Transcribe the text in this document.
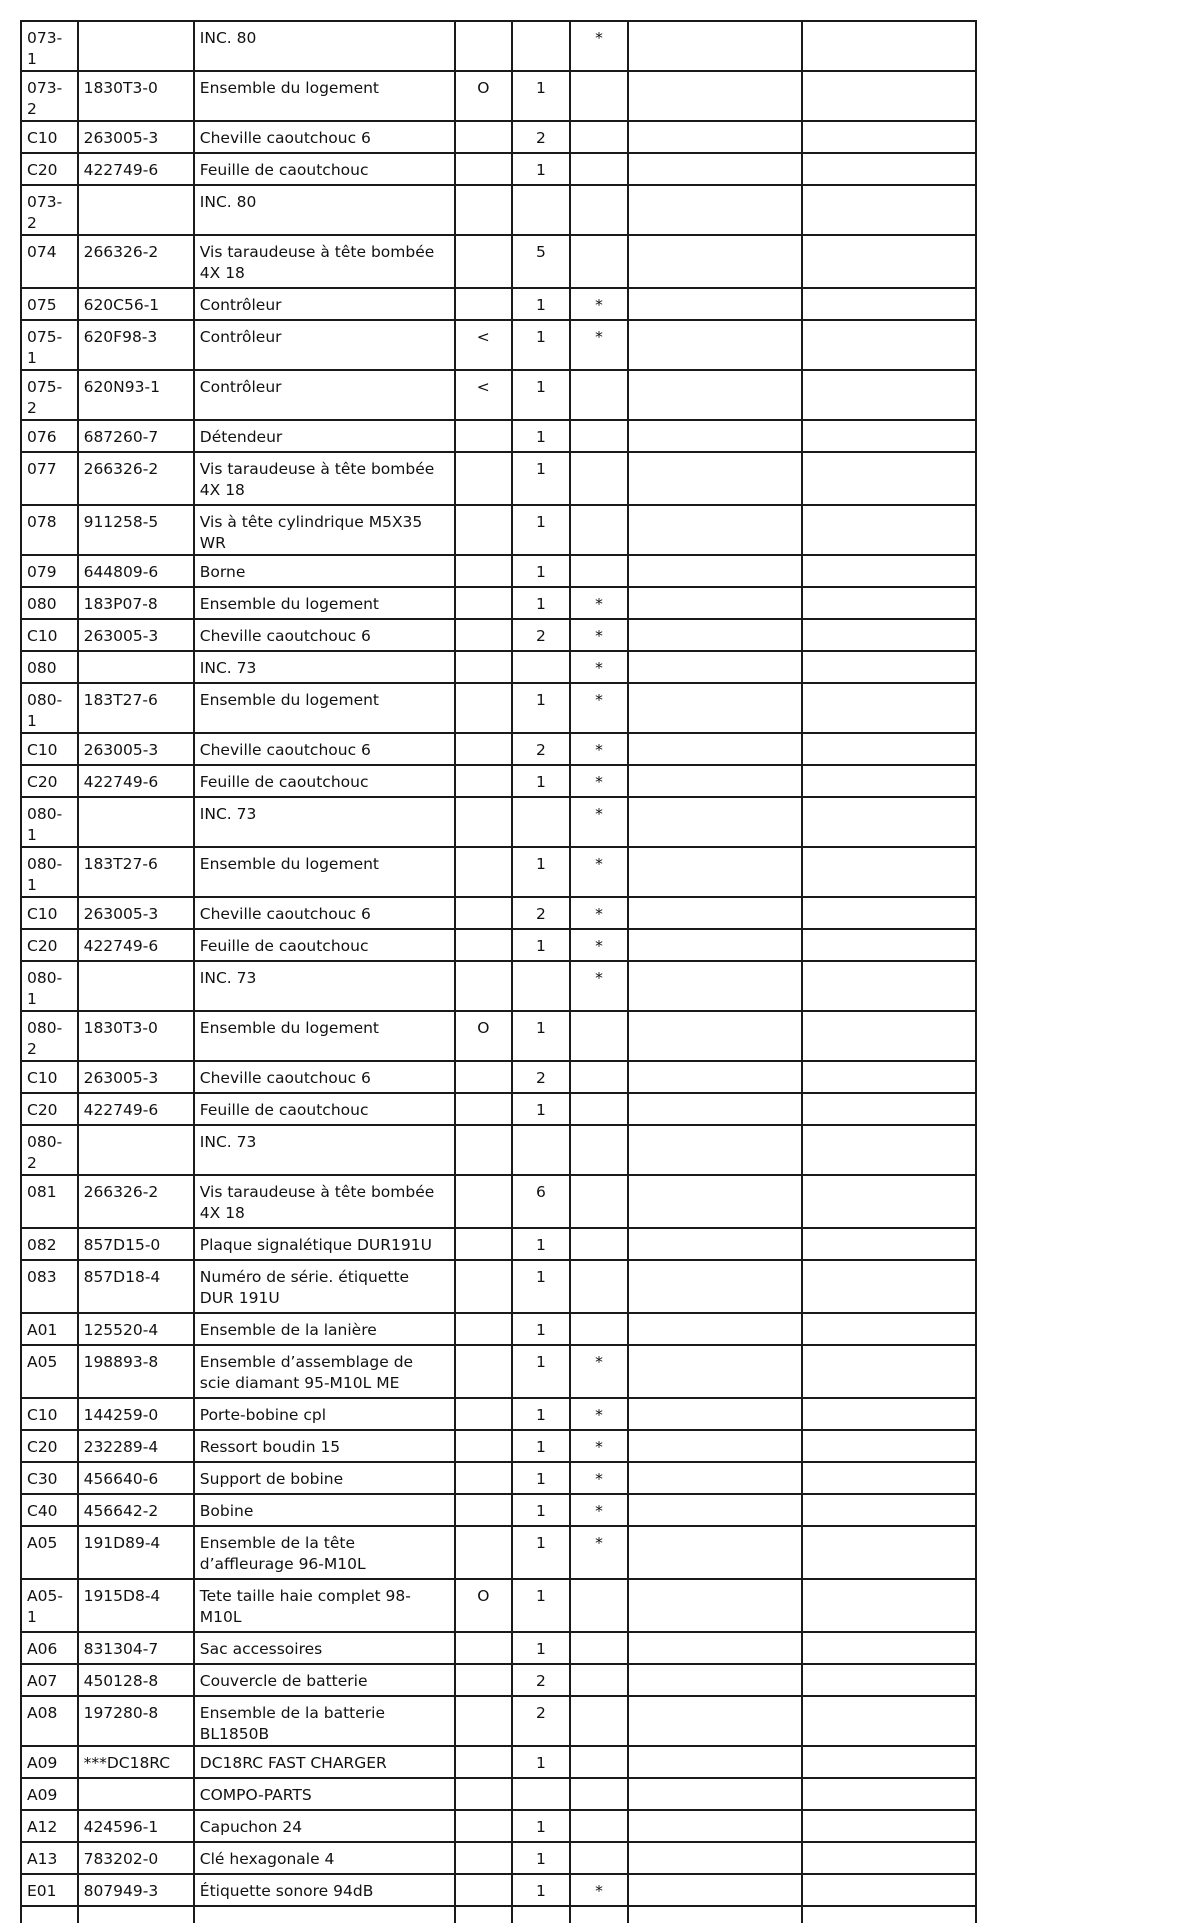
073-1		INC. 80			*		
073-2	1830T3-0	Ensemble du logement	O	1			
C10	263005-3	Cheville caoutchouc 6		2			
C20	422749-6	Feuille de caoutchouc		1			
073-2		INC. 80					
074	266326-2	Vis taraudeuse à tête bombée 4X 18		5			
075	620C56-1	Contrôleur		1	*		
075-1	620F98-3	Contrôleur	<	1	*		
075-2	620N93-1	Contrôleur	<	1			
076	687260-7	Détendeur		1			
077	266326-2	Vis taraudeuse à tête bombée 4X 18		1			
078	911258-5	Vis à tête cylindrique M5X35 WR		1			
079	644809-6	Borne		1			
080	183P07-8	Ensemble du logement		1	*		
C10	263005-3	Cheville caoutchouc 6		2	*		
080		INC. 73			*		
080-1	183T27-6	Ensemble du logement		1	*		
C10	263005-3	Cheville caoutchouc 6		2	*		
C20	422749-6	Feuille de caoutchouc		1	*		
080-1		INC. 73			*		
080-1	183T27-6	Ensemble du logement		1	*		
C10	263005-3	Cheville caoutchouc 6		2	*		
C20	422749-6	Feuille de caoutchouc		1	*		
080-1		INC. 73			*		
080-2	1830T3-0	Ensemble du logement	O	1			
C10	263005-3	Cheville caoutchouc 6		2			
C20	422749-6	Feuille de caoutchouc		1			
080-2		INC. 73					
081	266326-2	Vis taraudeuse à tête bombée 4X 18		6			
082	857D15-0	Plaque signalétique DUR191U		1			
083	857D18-4	Numéro de série. étiquette DUR 191U		1			
A01	125520-4	Ensemble de la lanière		1			
A05	198893-8	Ensemble d’assemblage de scie diamant 95-M10L ME		1	*		
C10	144259-0	Porte-bobine cpl		1	*		
C20	232289-4	Ressort boudin 15		1	*		
C30	456640-6	Support de bobine		1	*		
C40	456642-2	Bobine		1	*		
A05	191D89-4	Ensemble de la tête d’affleurage 96-M10L		1	*		
A05-1	1915D8-4	Tete taille haie complet 98-M10L	O	1			
A06	831304-7	Sac accessoires		1			
A07	450128-8	Couvercle de batterie		2			
A08	197280-8	Ensemble de la batterie BL1850B		2			
A09	***DC18RC	DC18RC FAST CHARGER		1			
A09		COMPO-PARTS					
A12	424596-1	Capuchon 24		1			
A13	783202-0	Clé hexagonale 4		1			
E01	807949-3	Étiquette sonore 94dB		1	*		
